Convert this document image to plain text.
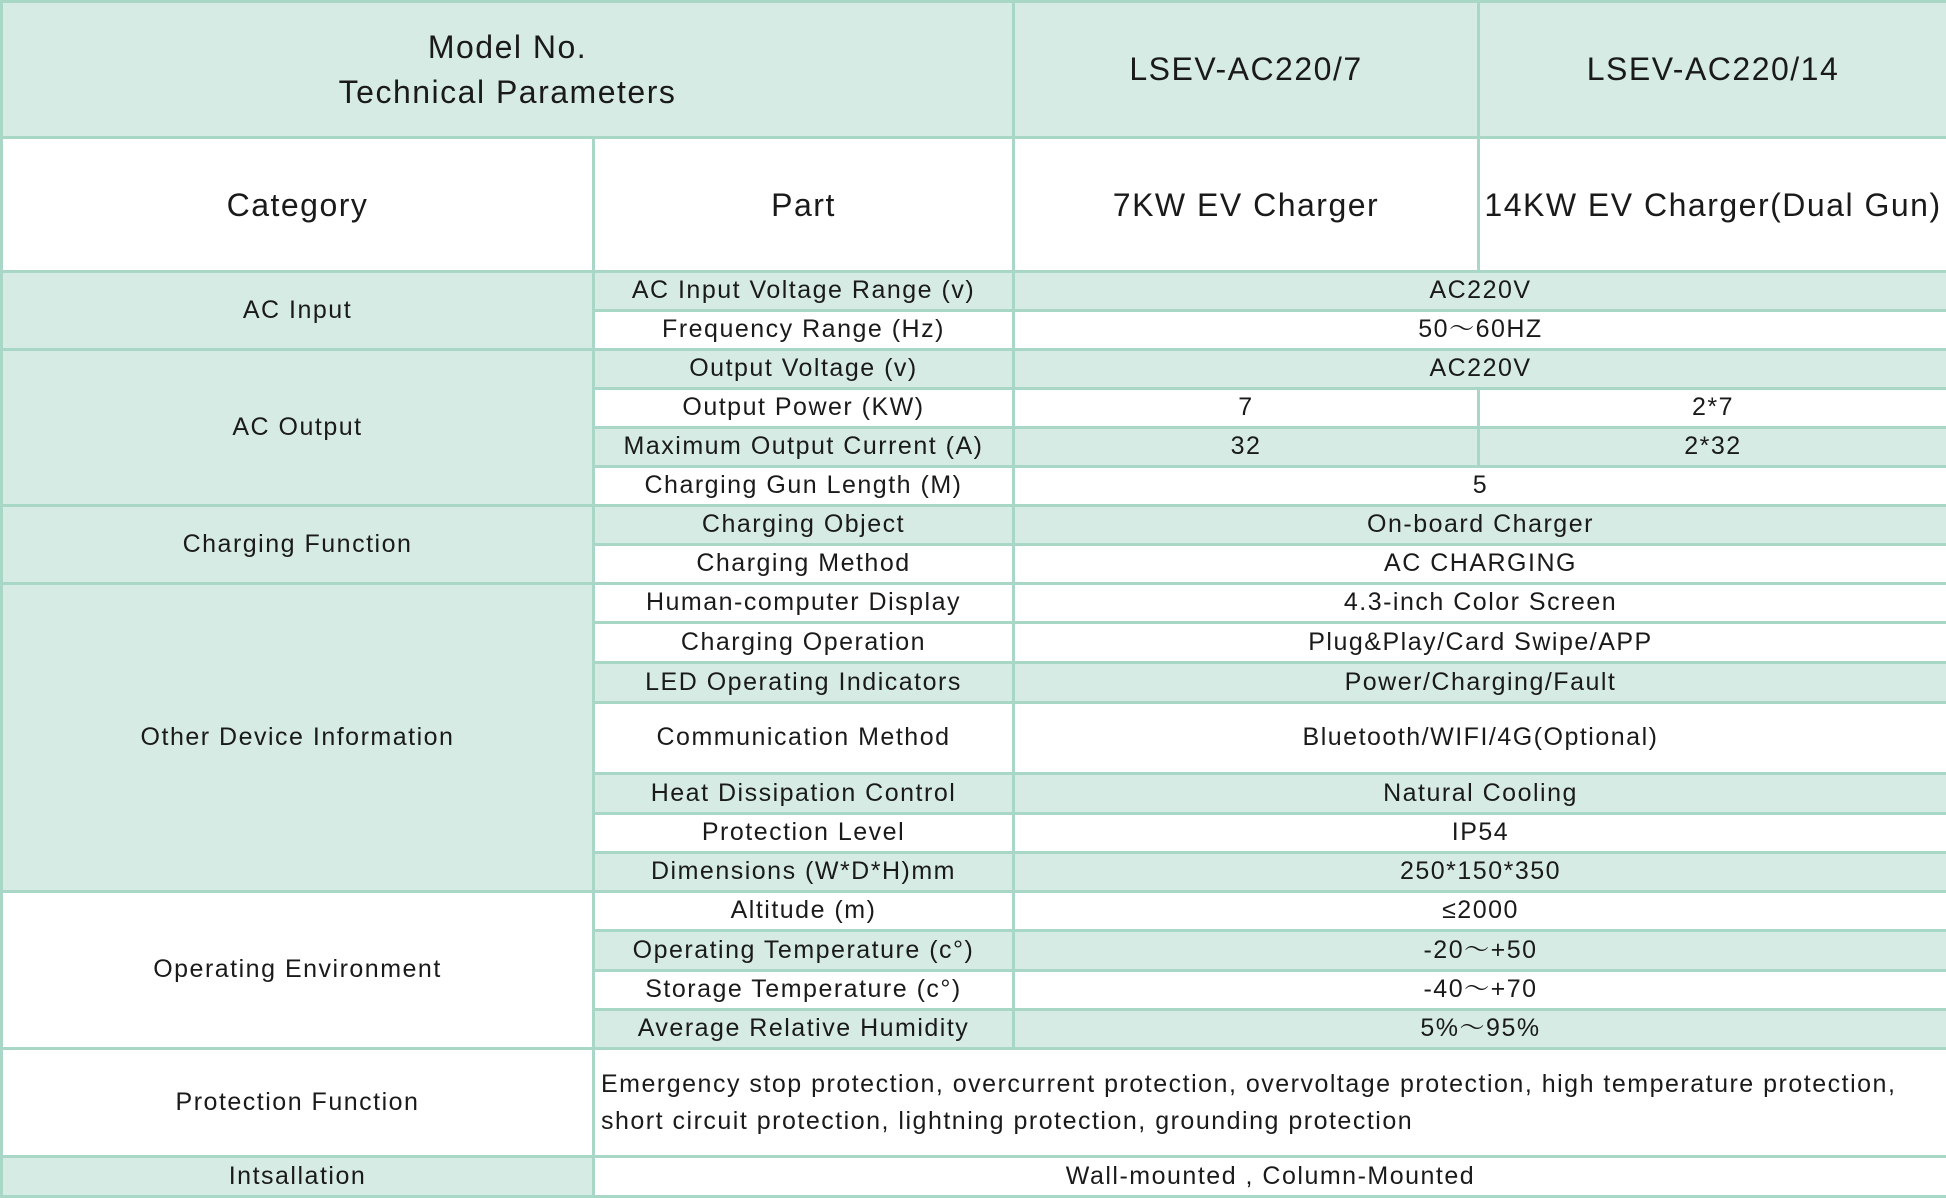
Model No.
Technical Parameters		LSEV-AC220/7	LSEV-AC220/14
Category	Part	7KW EV Charger	14KW EV Charger(Dual Gun)
AC Input	AC Input Voltage Range (v)	AC220V	
	Frequency Range (Hz)	50～60HZ	
AC Output	Output Voltage (v)	AC220V	
	Output Power (KW)	7	2*7
	Maximum Output Current (A)	32	2*32
	Charging Gun Length (M)	5	
Charging Function	Charging Object	On-board Charger	
	Charging Method	AC CHARGING	
Other Device Information	Human-computer Display	4.3-inch Color Screen	
	Charging Operation	Plug&Play/Card Swipe/APP	
	LED Operating Indicators	Power/Charging/Fault	
	Communication Method	Bluetooth/WIFI/4G(Optional)	
	Heat Dissipation Control	Natural Cooling	
	Protection Level	IP54	
	Dimensions (W*D*H)mm	250*150*350	
Operating Environment	Altitude (m)	≤2000	
	Operating Temperature (c°)	-20～+50	
	Storage Temperature (c°)	-40～+70	
	Average Relative Humidity	5%～95%	
Protection Function	Emergency stop protection, overcurrent protection, overvoltage protection, high temperature protection, short circuit protection, lightning protection, grounding protection		
Intsallation	Wall-mounted , Column-Mounted		
